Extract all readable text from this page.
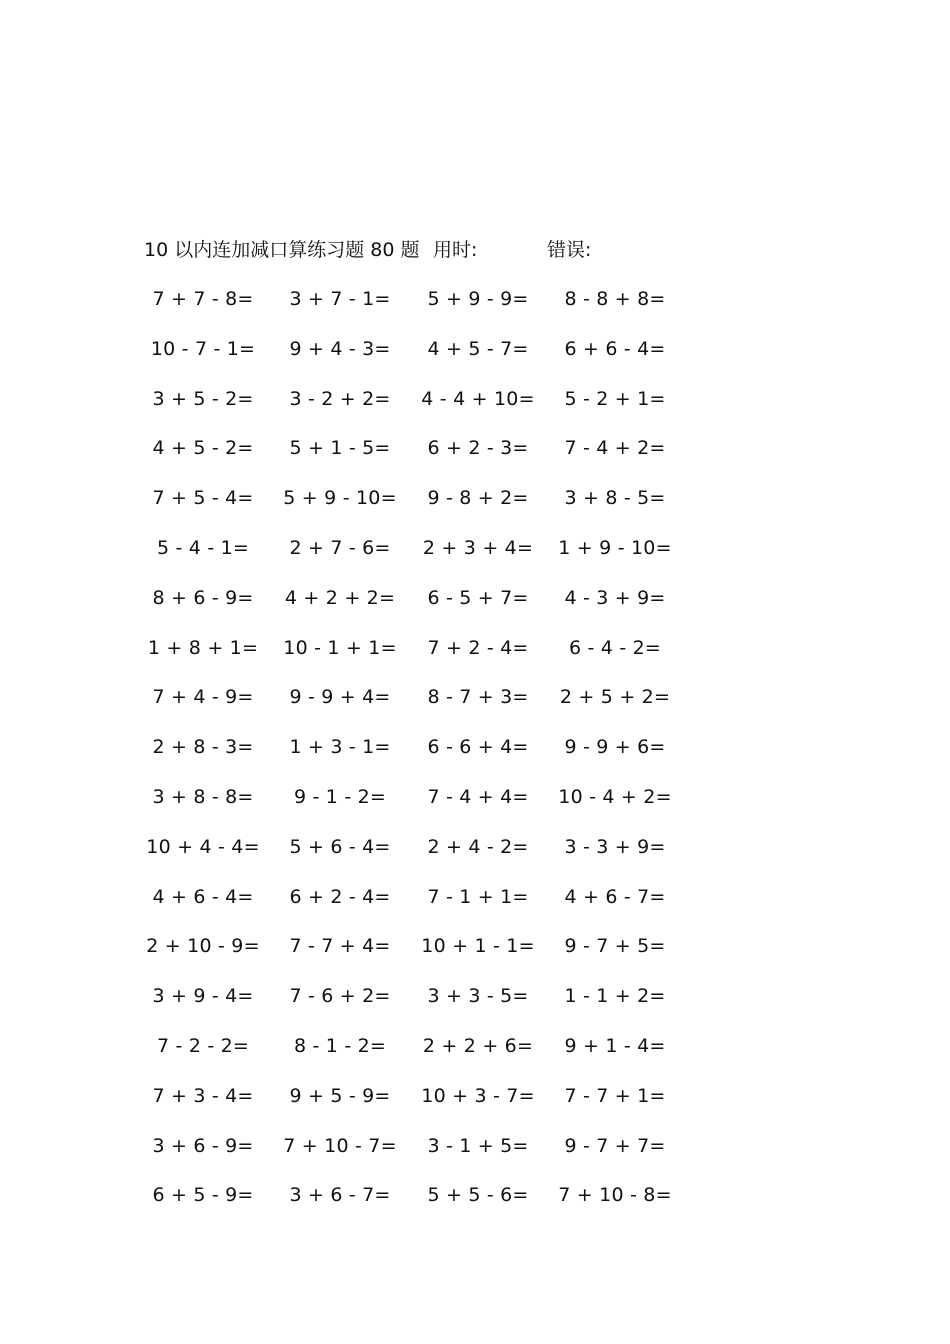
10 以内连加减口算练习题 80 题 用时:	错误:
7 + 7 - 8=	3 + 7 - 1=	5 + 9 - 9=	8 - 8 + 8=
10 - 7 - 1=	9 + 4 - 3=	4 + 5 - 7=	6 + 6 - 4=
3 + 5 - 2=	3 - 2 + 2=	4 - 4 + 10=	5 - 2 + 1=
4 + 5 - 2=	5 + 1 - 5=	6 + 2 - 3=	7 - 4 + 2=
7 + 5 - 4=	5 + 9 - 10=	9 - 8 + 2=	3 + 8 - 5=
5 - 4 - 1=	2 + 7 - 6=	2 + 3 + 4=	1 + 9 - 10=
8 + 6 - 9=	4 + 2 + 2=	6 - 5 + 7=	4 - 3 + 9=
1 + 8 + 1=	10 - 1 + 1=	7 + 2 - 4=	6 - 4 - 2=
7 + 4 - 9=	9 - 9 + 4=	8 - 7 + 3=	2 + 5 + 2=
2 + 8 - 3=	1 + 3 - 1=	6 - 6 + 4=	9 - 9 + 6=
3 + 8 - 8=	9 - 1 - 2=	7 - 4 + 4=	10 - 4 + 2=
10 + 4 - 4=	5 + 6 - 4=	2 + 4 - 2=	3 - 3 + 9=
4 + 6 - 4=	6 + 2 - 4=	7 - 1 + 1=	4 + 6 - 7=
2 + 10 - 9=	7 - 7 + 4=	10 + 1 - 1=	9 - 7 + 5=
3 + 9 - 4=	7 - 6 + 2=	3 + 3 - 5=	1 - 1 + 2=
7 - 2 - 2=	8 - 1 - 2=	2 + 2 + 6=	9 + 1 - 4=
7 + 3 - 4=	9 + 5 - 9=	10 + 3 - 7=	7 - 7 + 1=
3 + 6 - 9=	7 + 10 - 7=	3 - 1 + 5=	9 - 7 + 7=
6 + 5 - 9=	3 + 6 - 7=	5 + 5 - 6=	7 + 10 - 8=
